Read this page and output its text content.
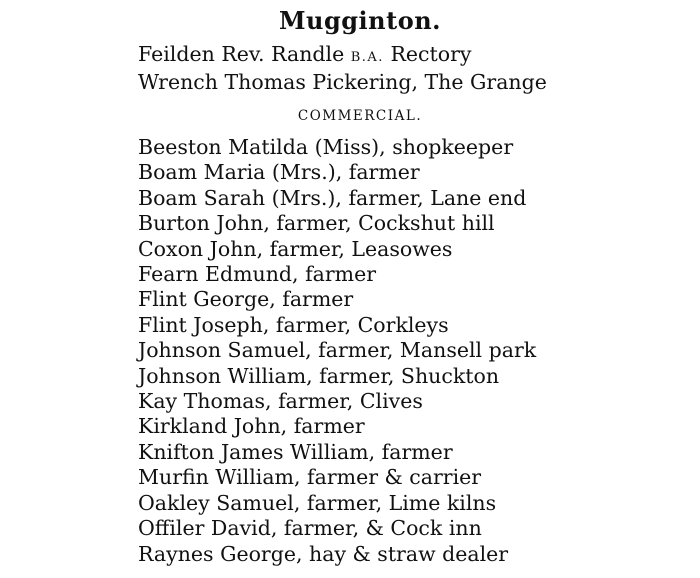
Mugginton.
Feilden Rev. Randle B.A. Rectory
Wrench Thomas Pickering, The Grange
COMMERCIAL.
Beeston Matilda (Miss), shopkeeper
Boam Maria (Mrs.), farmer
Boam Sarah (Mrs.), farmer, Lane end
Burton John, farmer, Cockshut hill
Coxon John, farmer, Leasowes
Fearn Edmund, farmer
Flint George, farmer
Flint Joseph, farmer, Corkleys
Johnson Samuel, farmer, Mansell park
Johnson William, farmer, Shuckton
Kay Thomas, farmer, Clives
Kirkland John, farmer
Knifton James William, farmer
Murfin William, farmer & carrier
Oakley Samuel, farmer, Lime kilns
Offiler David, farmer, & Cock inn
Raynes George, hay & straw dealer
